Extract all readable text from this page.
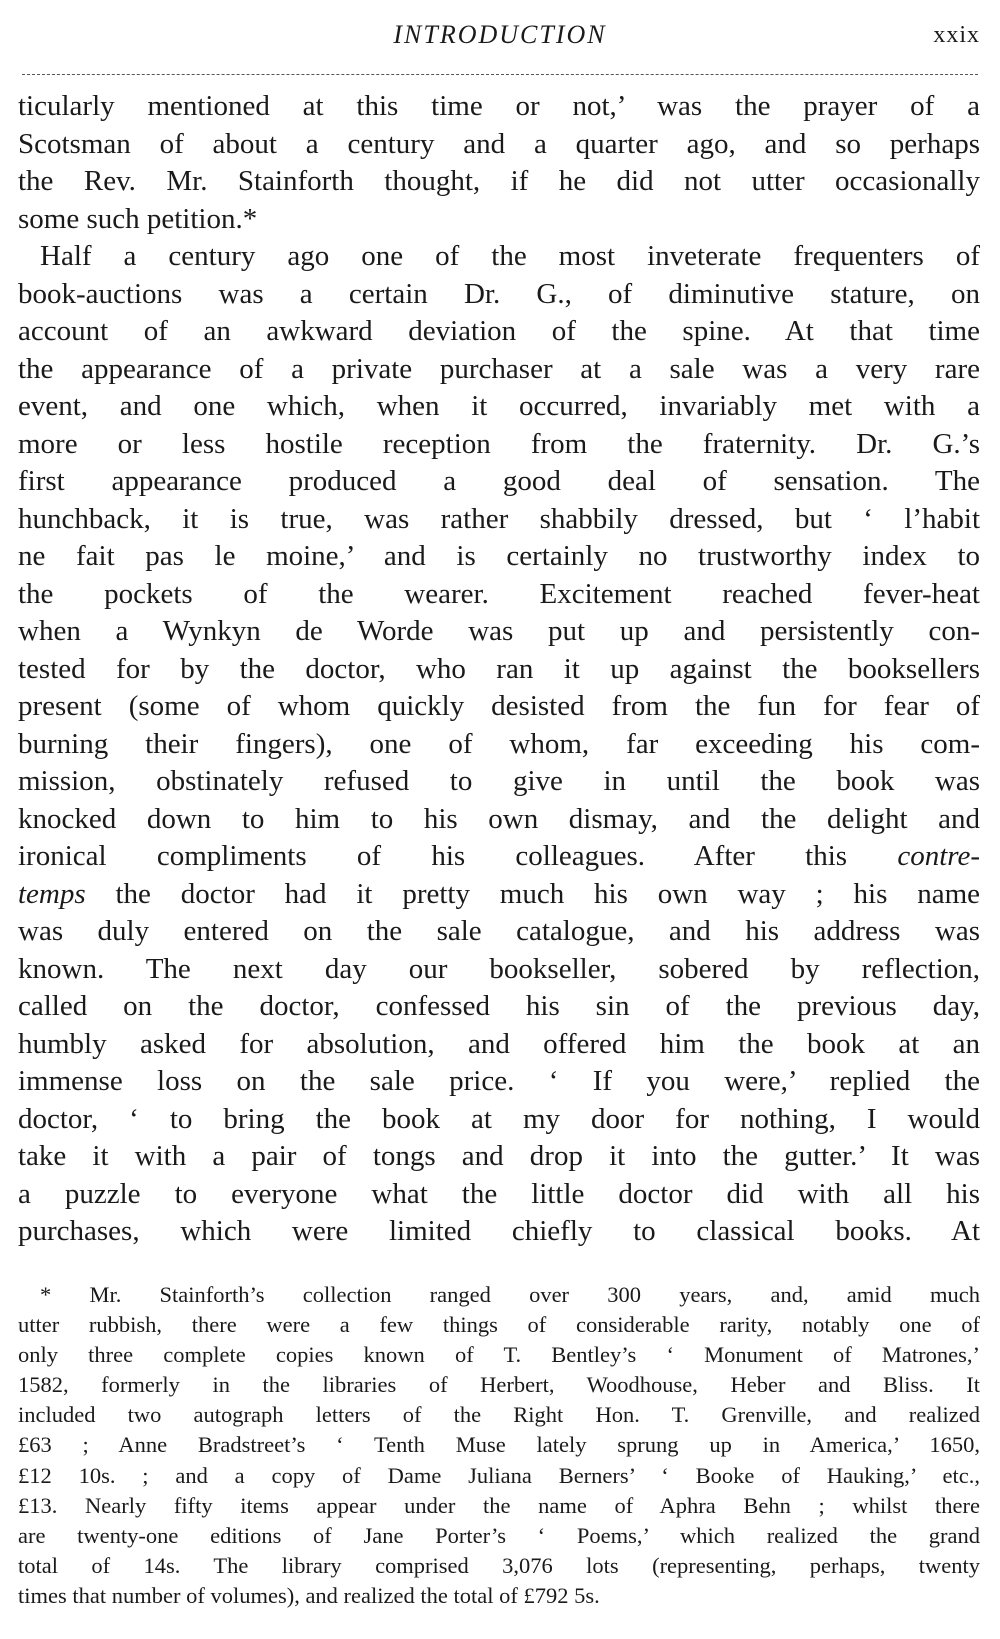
INTRODUCTION	xxix
ticularly mentioned at this time or not,’ was the prayer of a
Scotsman of about a century and a quarter ago, and so perhaps
the Rev. Mr. Stainforth thought, if he did not utter occasionally
some such petition.*
Half a century ago one of the most inveterate frequenters of
book-auctions was a certain Dr. G., of diminutive stature, on
account of an awkward deviation of the spine. At that time
the appearance of a private purchaser at a sale was a very rare
event, and one which, when it occurred, invariably met with a
more or less hostile reception from the fraternity. Dr. G.’s
first appearance produced a good deal of sensation. The
hunchback, it is true, was rather shabbily dressed, but ‘ l’habit
ne fait pas le moine,’ and is certainly no trustworthy index to
the pockets of the wearer. Excitement reached fever-heat
when a Wynkyn de Worde was put up and persistently con-
tested for by the doctor, who ran it up against the booksellers
present (some of whom quickly desisted from the fun for fear of
burning their fingers), one of whom, far exceeding his com-
mission, obstinately refused to give in until the book was
knocked down to him to his own dismay, and the delight and
ironical compliments of his colleagues. After this contre-
temps the doctor had it pretty much his own way ; his name
was duly entered on the sale catalogue, and his address was
known. The next day our bookseller, sobered by reflection,
called on the doctor, confessed his sin of the previous day,
humbly asked for absolution, and offered him the book at an
immense loss on the sale price. ‘ If you were,’ replied the
doctor, ‘ to bring the book at my door for nothing, I would
take it with a pair of tongs and drop it into the gutter.’ It was
a puzzle to everyone what the little doctor did with all his
purchases, which were limited chiefly to classical books. At
* Mr. Stainforth’s collection ranged over 300 years, and, amid much
utter rubbish, there were a few things of considerable rarity, notably one of
only three complete copies known of T. Bentley’s ‘ Monument of Matrones,’
1582, formerly in the libraries of Herbert, Woodhouse, Heber and Bliss. It
included two autograph letters of the Right Hon. T. Grenville, and realized
£63 ; Anne Bradstreet’s ‘ Tenth Muse lately sprung up in America,’ 1650,
£12 10s. ; and a copy of Dame Juliana Berners’ ‘ Booke of Hauking,’ etc.,
£13. Nearly fifty items appear under the name of Aphra Behn ; whilst there
are twenty-one editions of Jane Porter’s ‘ Poems,’ which realized the grand
total of 14s. The library comprised 3,076 lots (representing, perhaps, twenty
times that number of volumes), and realized the total of £792 5s.
